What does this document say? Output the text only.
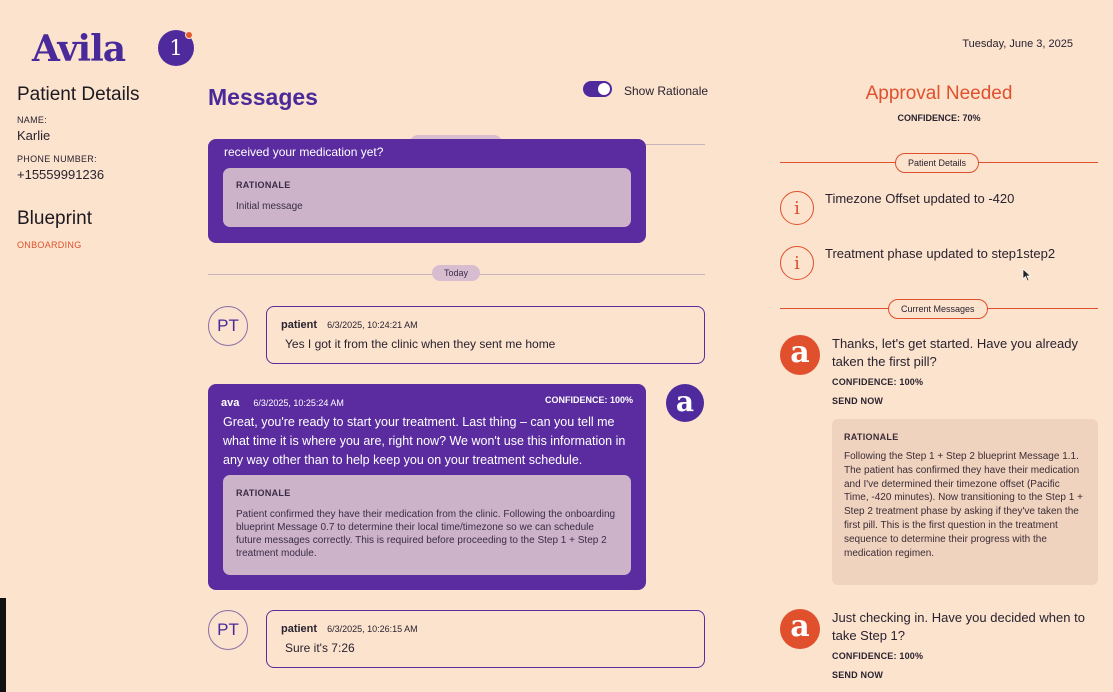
Avila 1	Tuesday, June 3, 2025
Patient Details
NAME:
Karlie
PHONE NUMBER:
+15559991236
Blueprint
ONBOARDING
Messages	Show Rationale
received your medication yet?
RATIONALE
Initial message
Today
PT	patient 6/3/2025, 10:24:21 AM
Yes I got it from the clinic when they sent me home
ava 6/3/2025, 10:25:24 AM	CONFIDENCE: 100%
Great, you're ready to start your treatment. Last thing – can you tell me what time it is where you are, right now? We won't use this information in any way other than to help keep you on your treatment schedule.
RATIONALE
Patient confirmed they have their medication from the clinic. Following the onboarding blueprint Message 0.7 to determine their local time/timezone so we can schedule future messages correctly. This is required before proceeding to the Step 1 + Step 2 treatment module.
a
PT	patient 6/3/2025, 10:26:15 AM
Sure it's 7:26
Approval Needed
CONFIDENCE: 70%
Patient Details
i	Timezone Offset updated to -420
i	Treatment phase updated to step1step2
Current Messages
a	Thanks, let's get started. Have you already taken the first pill?
CONFIDENCE: 100%
SEND NOW
RATIONALE
Following the Step 1 + Step 2 blueprint Message 1.1. The patient has confirmed they have their medication and I've determined their timezone offset (Pacific Time, -420 minutes). Now transitioning to the Step 1 + Step 2 treatment phase by asking if they've taken the first pill. This is the first question in the treatment sequence to determine their progress with the medication regimen.
a	Just checking in. Have you decided when to take Step 1?
CONFIDENCE: 100%
SEND NOW
